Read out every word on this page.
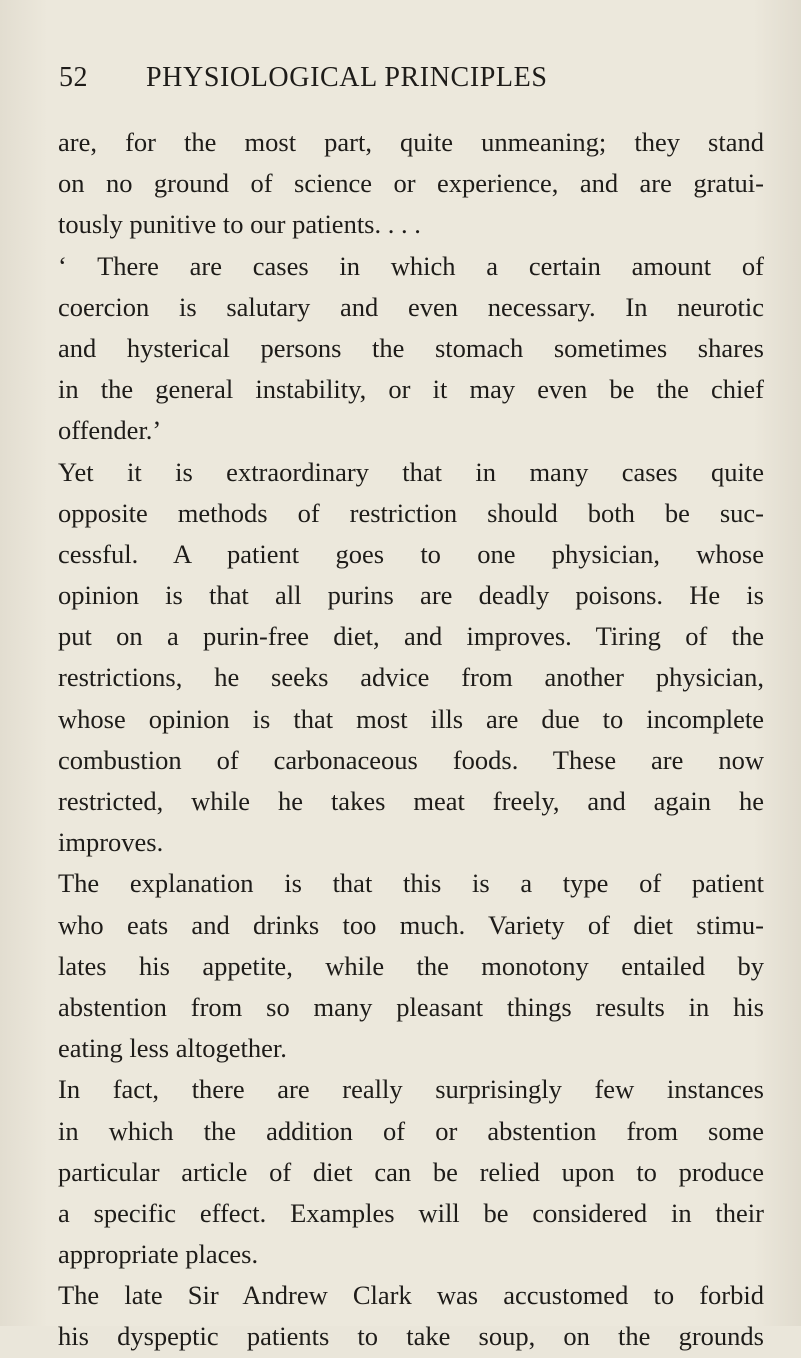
52 PHYSIOLOGICAL PRINCIPLES
are, for the most part, quite unmeaning; they stand
on no ground of science or experience, and are gratui-
tously punitive to our patients. . . .
‘ There are cases in which a certain amount of
coercion is salutary and even necessary. In neurotic
and hysterical persons the stomach sometimes shares
in the general instability, or it may even be the chief
offender.’
Yet it is extraordinary that in many cases quite
opposite methods of restriction should both be suc-
cessful. A patient goes to one physician, whose
opinion is that all purins are deadly poisons. He is
put on a purin-free diet, and improves. Tiring of the
restrictions, he seeks advice from another physician,
whose opinion is that most ills are due to incomplete
combustion of carbonaceous foods. These are now
restricted, while he takes meat freely, and again he
improves.
The explanation is that this is a type of patient
who eats and drinks too much. Variety of diet stimu-
lates his appetite, while the monotony entailed by
abstention from so many pleasant things results in his
eating less altogether.
In fact, there are really surprisingly few instances
in which the addition of or abstention from some
particular article of diet can be relied upon to produce
a specific effect. Examples will be considered in their
appropriate places.
The late Sir Andrew Clark was accustomed to forbid
his dyspeptic patients to take soup, on the grounds
